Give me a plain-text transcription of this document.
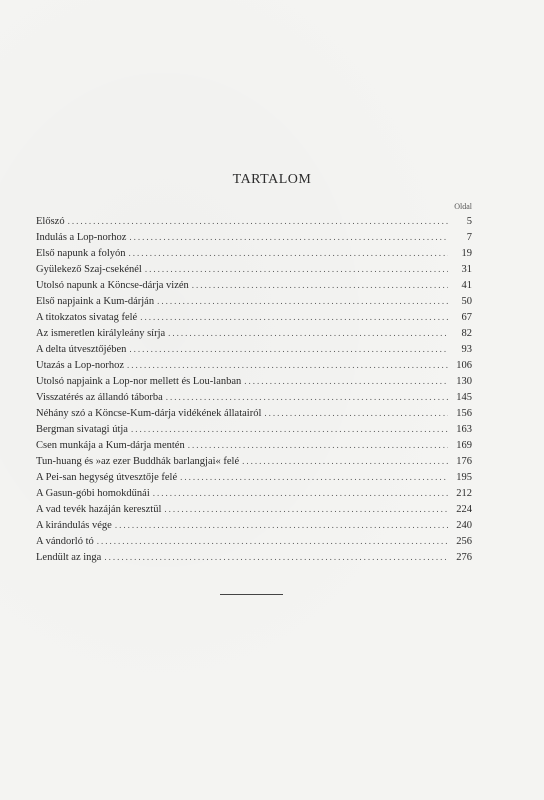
TARTALOM
Oldal
Előszó .....	5
Indulás a Lop-norhoz .....	7
Első napunk a folyón .....	19
Gyülekező Szaj-csekénél .....	31
Utolsó napunk a Köncse-dárja vizén .....	41
Első napjaink a Kum-dárján .....	50
A titokzatos sivatag felé .....	67
Az ismeretlen királyleány sírja .....	82
A delta útvesztőjében .....	93
Utazás a Lop-norhoz .....	106
Utolsó napjaink a Lop-nor mellett és Lou-lanban .....	130
Visszatérés az állandó táborba .....	145
Néhány szó a Köncse-Kum-dárja vidékének állatairól .....	156
Bergman sivatagi útja .....	163
Csen munkája a Kum-dárja mentén .....	169
Tun-huang és »az ezer Buddhák barlangjai« felé .....	176
A Pei-san hegység útvesztője felé .....	195
A Gasun-góbi homokdűnái .....	212
A vad tevék hazáján keresztül .....	224
A kirándulás vége .....	240
A vándorló tó .....	256
Lendült az inga .....	276
